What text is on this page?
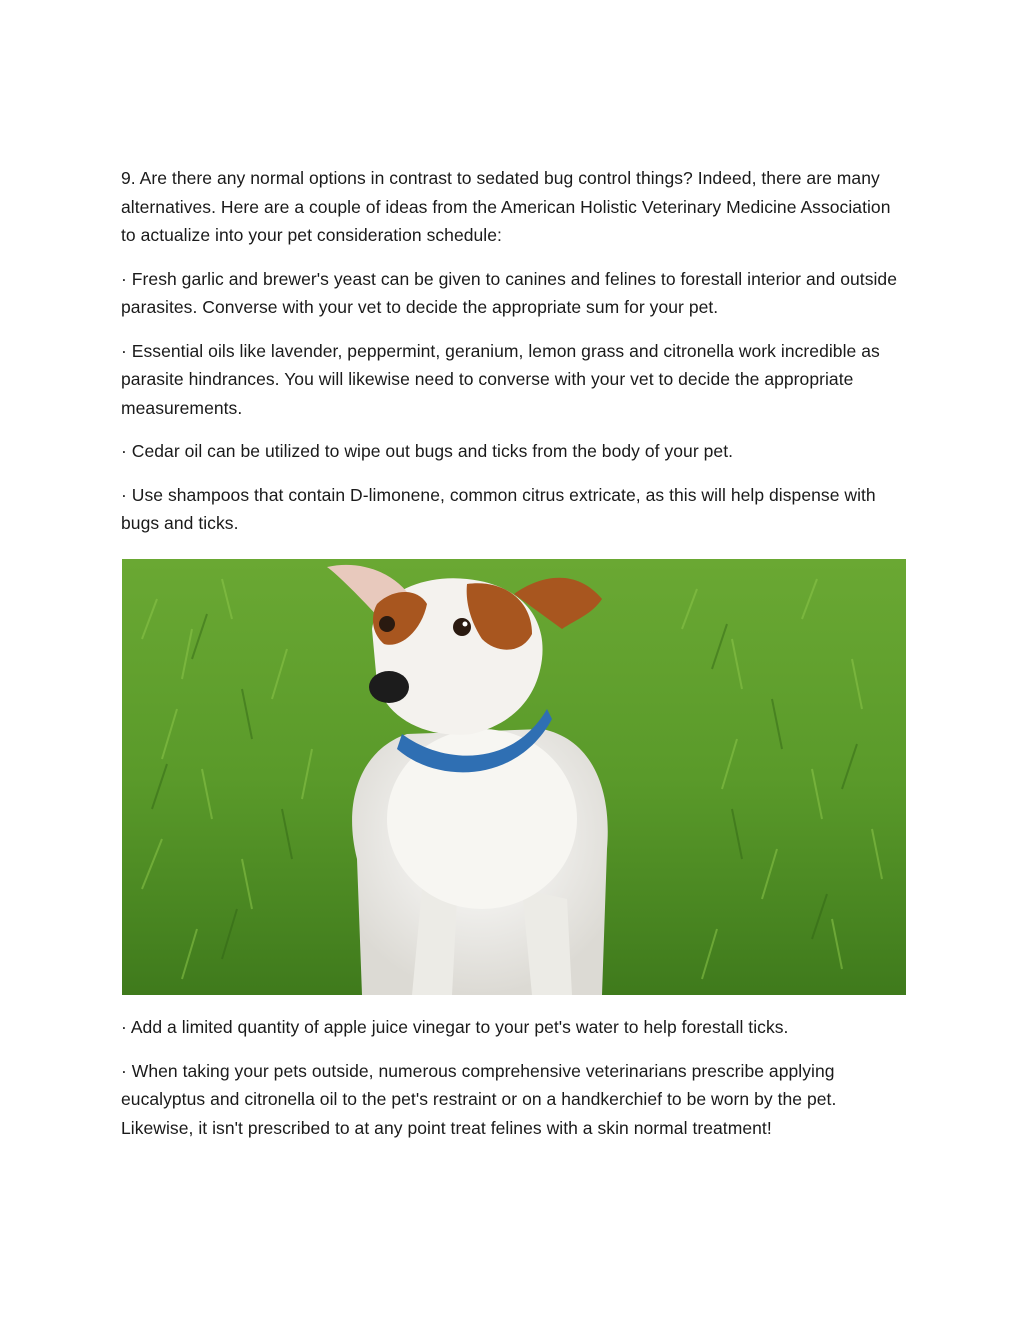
9. Are there any normal options in contrast to sedated bug control things? Indeed, there are many alternatives. Here are a couple of ideas from the American Holistic Veterinary Medicine Association to actualize into your pet consideration schedule:

· Fresh garlic and brewer's yeast can be given to canines and felines to forestall interior and outside parasites. Converse with your vet to decide the appropriate sum for your pet.

· Essential oils like lavender, peppermint, geranium, lemon grass and citronella work incredible as parasite hindrances. You will likewise need to converse with your vet to decide the appropriate measurements.

· Cedar oil can be utilized to wipe out bugs and ticks from the body of your pet.

· Use shampoos that contain D-limonene, common citrus extricate, as this will help dispense with bugs and ticks.

· Add a limited quantity of apple juice vinegar to your pet's water to help forestall ticks.

· When taking your pets outside, numerous comprehensive veterinarians prescribe applying eucalyptus and citronella oil to the pet's restraint or on a handkerchief to be worn by the pet. Likewise, it isn't prescribed to at any point treat felines with a skin normal treatment!
